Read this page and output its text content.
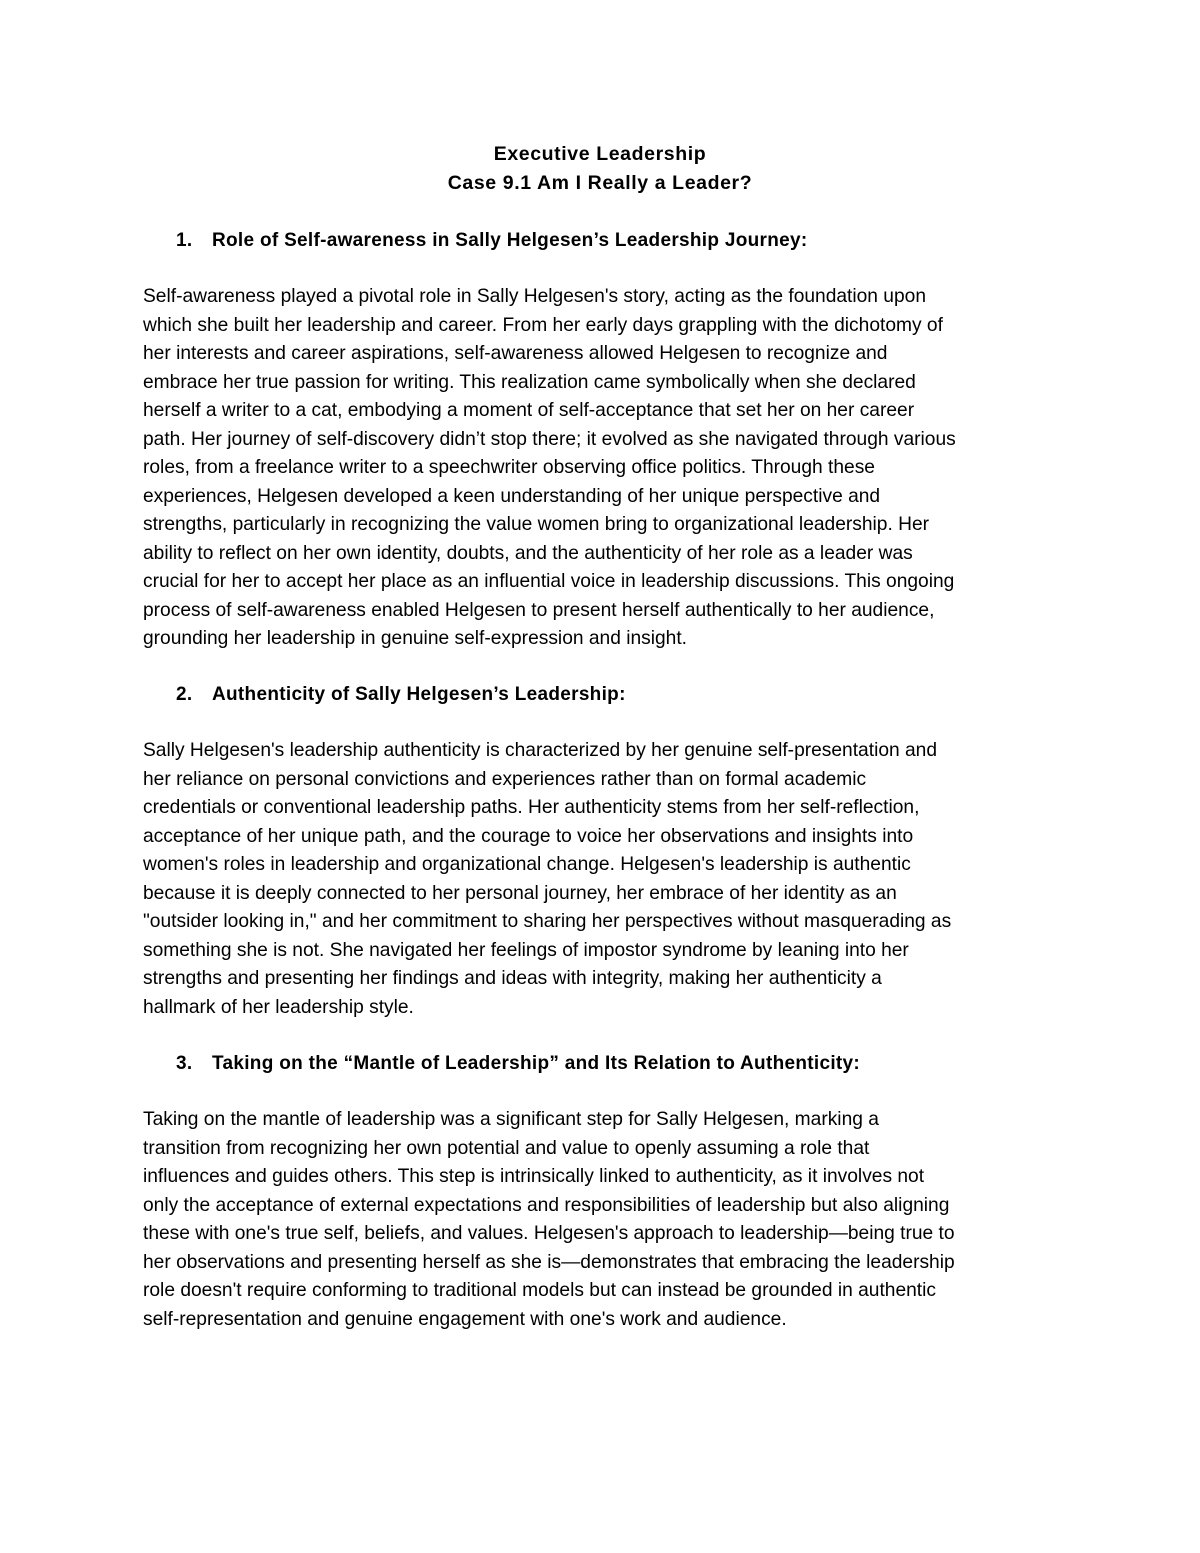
Executive Leadership
Case 9.1 Am I Really a Leader?
1. Role of Self-awareness in Sally Helgesen’s Leadership Journey:
Self-awareness played a pivotal role in Sally Helgesen's story, acting as the foundation upon
which she built her leadership and career. From her early days grappling with the dichotomy of
her interests and career aspirations, self-awareness allowed Helgesen to recognize and
embrace her true passion for writing. This realization came symbolically when she declared
herself a writer to a cat, embodying a moment of self-acceptance that set her on her career
path. Her journey of self-discovery didn’t stop there; it evolved as she navigated through various
roles, from a freelance writer to a speechwriter observing office politics. Through these
experiences, Helgesen developed a keen understanding of her unique perspective and
strengths, particularly in recognizing the value women bring to organizational leadership. Her
ability to reflect on her own identity, doubts, and the authenticity of her role as a leader was
crucial for her to accept her place as an influential voice in leadership discussions. This ongoing
process of self-awareness enabled Helgesen to present herself authentically to her audience,
grounding her leadership in genuine self-expression and insight.
2. Authenticity of Sally Helgesen’s Leadership:
Sally Helgesen's leadership authenticity is characterized by her genuine self-presentation and
her reliance on personal convictions and experiences rather than on formal academic
credentials or conventional leadership paths. Her authenticity stems from her self-reflection,
acceptance of her unique path, and the courage to voice her observations and insights into
women's roles in leadership and organizational change. Helgesen's leadership is authentic
because it is deeply connected to her personal journey, her embrace of her identity as an
"outsider looking in," and her commitment to sharing her perspectives without masquerading as
something she is not. She navigated her feelings of impostor syndrome by leaning into her
strengths and presenting her findings and ideas with integrity, making her authenticity a
hallmark of her leadership style.
3. Taking on the “Mantle of Leadership” and Its Relation to Authenticity:
Taking on the mantle of leadership was a significant step for Sally Helgesen, marking a
transition from recognizing her own potential and value to openly assuming a role that
influences and guides others. This step is intrinsically linked to authenticity, as it involves not
only the acceptance of external expectations and responsibilities of leadership but also aligning
these with one's true self, beliefs, and values. Helgesen's approach to leadership—being true to
her observations and presenting herself as she is—demonstrates that embracing the leadership
role doesn't require conforming to traditional models but can instead be grounded in authentic
self-representation and genuine engagement with one's work and audience.
